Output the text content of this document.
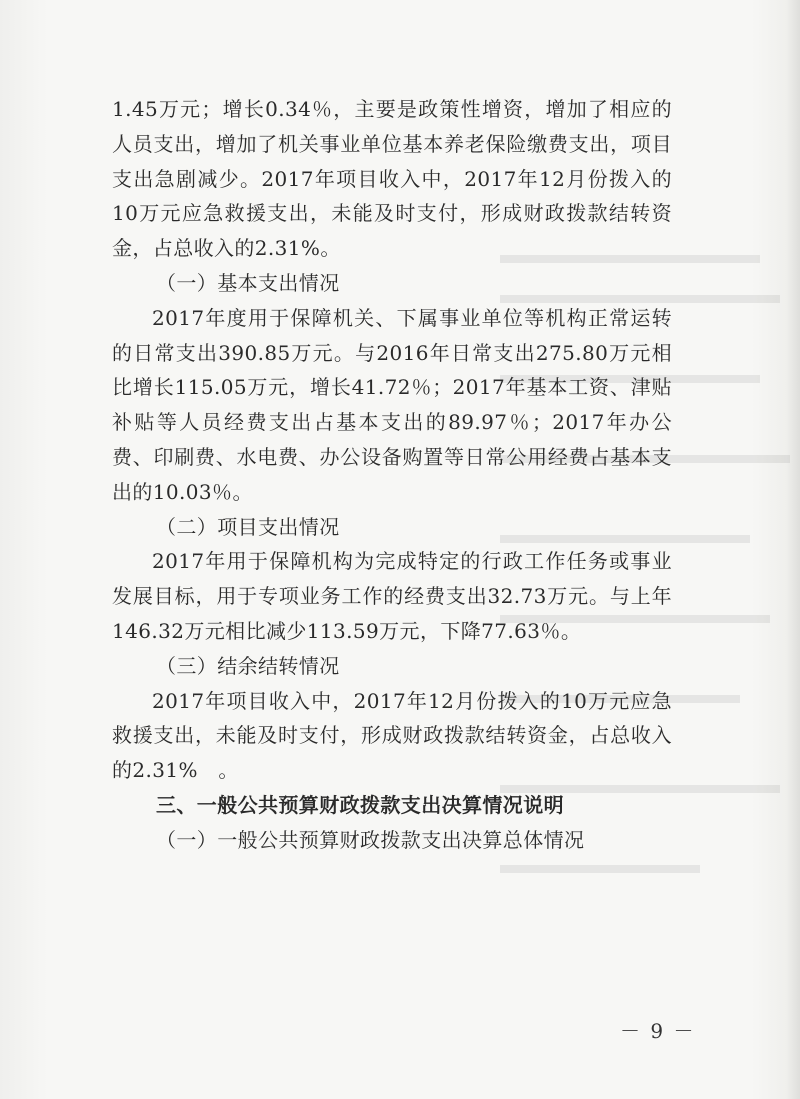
1.45万元；增长0.34％，主要是政策性增资，增加了相应的人员支出，增加了机关事业单位基本养老保险缴费支出，项目支出急剧减少。2017年项目收入中，2017年12月份拨入的10万元应急救援支出，未能及时支付，形成财政拨款结转资金，占总收入的2.31%。

（一）基本支出情况

2017年度用于保障机关、下属事业单位等机构正常运转的日常支出390.85万元。与2016年日常支出275.80万元相比增长115.05万元，增长41.72％；2017年基本工资、津贴补贴等人员经费支出占基本支出的89.97％；2017年办公费、印刷费、水电费、办公设备购置等日常公用经费占基本支出的10.03％。

（二）项目支出情况

2017年用于保障机构为完成特定的行政工作任务或事业发展目标，用于专项业务工作的经费支出32.73万元。与上年146.32万元相比减少113.59万元，下降77.63％。

（三）结余结转情况

2017年项目收入中，2017年12月份拨入的10万元应急救援支出，未能及时支付，形成财政拨款结转资金，占总收入的2.31%　。

三、一般公共预算财政拨款支出决算情况说明

（一）一般公共预算财政拨款支出决算总体情况

－ 9 －
